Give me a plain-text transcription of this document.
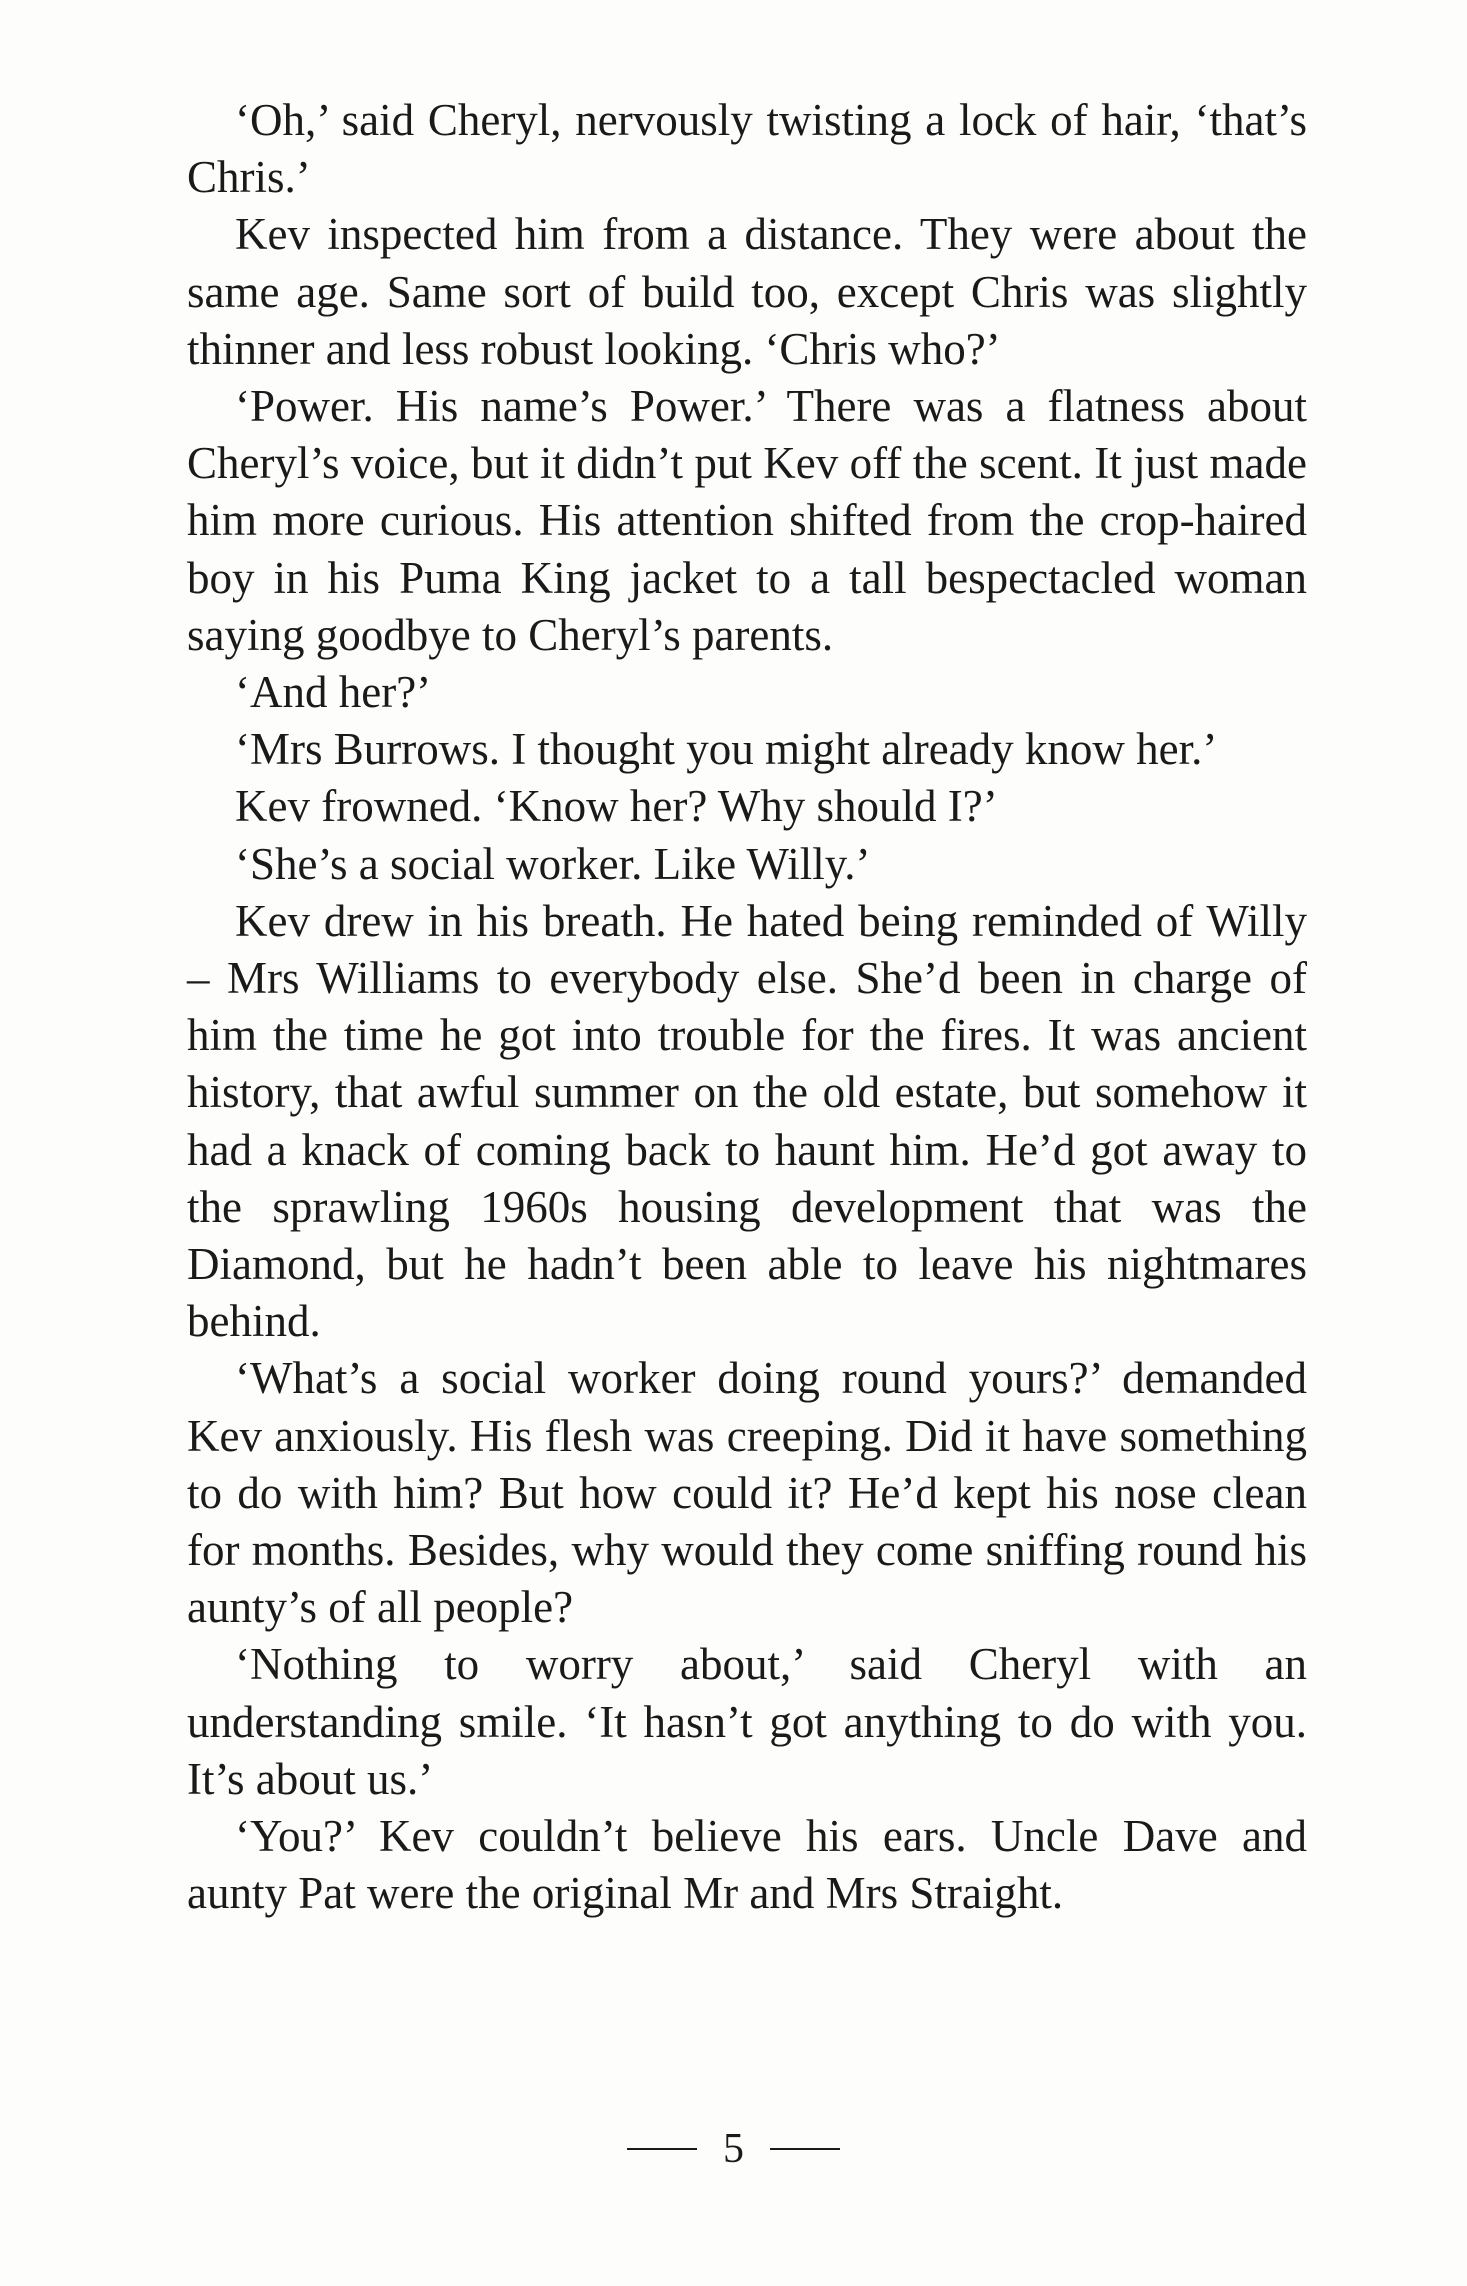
‘Oh,’ said Cheryl, nervously twisting a lock of hair, ‘that’s Chris.’

Kev inspected him from a distance. They were about the same age. Same sort of build too, except Chris was slightly thinner and less robust looking. ‘Chris who?’

‘Power. His name’s Power.’ There was a flatness about Cheryl’s voice, but it didn’t put Kev off the scent. It just made him more curious. His attention shifted from the crop-haired boy in his Puma King jacket to a tall bespectacled woman saying goodbye to Cheryl’s parents.

‘And her?’

‘Mrs Burrows. I thought you might already know her.’

Kev frowned. ‘Know her? Why should I?’

‘She’s a social worker. Like Willy.’

Kev drew in his breath. He hated being reminded of Willy – Mrs Williams to everybody else. She’d been in charge of him the time he got into trouble for the fires. It was ancient history, that awful summer on the old estate, but somehow it had a knack of coming back to haunt him. He’d got away to the sprawling 1960s housing development that was the Diamond, but he hadn’t been able to leave his nightmares behind.

‘What’s a social worker doing round yours?’ demanded Kev anxiously. His flesh was creeping. Did it have something to do with him? But how could it? He’d kept his nose clean for months. Besides, why would they come sniffing round his aunty’s of all people?

‘Nothing to worry about,’ said Cheryl with an understanding smile. ‘It hasn’t got anything to do with you. It’s about us.’

‘You?’ Kev couldn’t believe his ears. Uncle Dave and aunty Pat were the original Mr and Mrs Straight.

5
